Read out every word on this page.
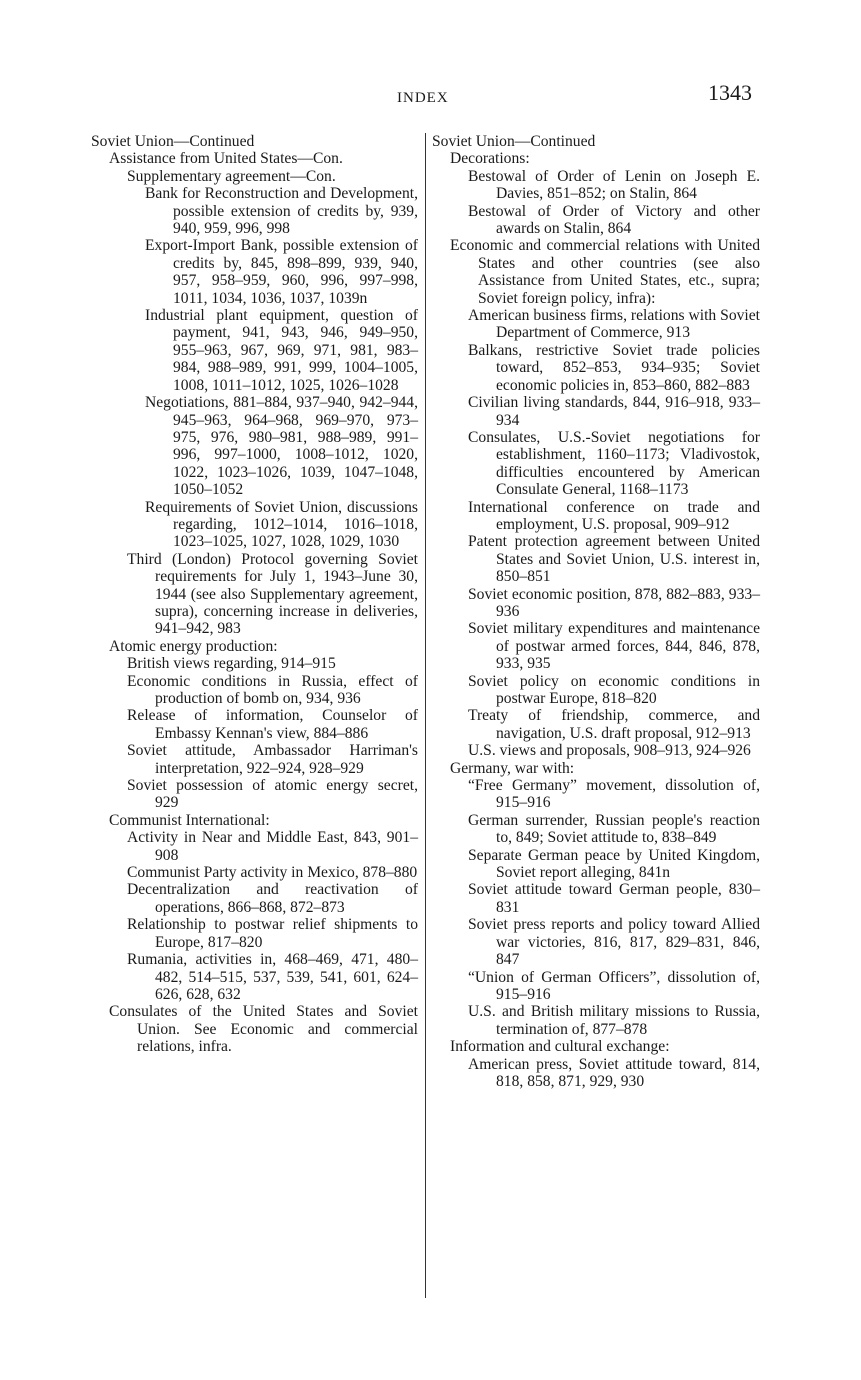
INDEX	1343
Soviet Union—Continued
Assistance from United States—Con.
Supplementary agreement—Con.
Bank for Reconstruction and Development, possible extension of credits by, 939, 940, 959, 996, 998
Export-Import Bank, possible extension of credits by, 845, 898–899, 939, 940, 957, 958–959, 960, 996, 997–998, 1011, 1034, 1036, 1037, 1039n
Industrial plant equipment, question of payment, 941, 943, 946, 949–950, 955–963, 967, 969, 971, 981, 983–984, 988–989, 991, 999, 1004–1005, 1008, 1011–1012, 1025, 1026–1028
Negotiations, 881–884, 937–940, 942–944, 945–963, 964–968, 969–970, 973–975, 976, 980–981, 988–989, 991–996, 997–1000, 1008–1012, 1020, 1022, 1023–1026, 1039, 1047–1048, 1050–1052
Requirements of Soviet Union, discussions regarding, 1012–1014, 1016–1018, 1023–1025, 1027, 1028, 1029, 1030
Third (London) Protocol governing Soviet requirements for July 1, 1943–June 30, 1944 (see also Supplementary agreement, supra), concerning increase in deliveries, 941–942, 983
Atomic energy production:
British views regarding, 914–915
Economic conditions in Russia, effect of production of bomb on, 934, 936
Release of information, Counselor of Embassy Kennan's view, 884–886
Soviet attitude, Ambassador Harriman's interpretation, 922–924, 928–929
Soviet possession of atomic energy secret, 929
Communist International:
Activity in Near and Middle East, 843, 901–908
Communist Party activity in Mexico, 878–880
Decentralization and reactivation of operations, 866–868, 872–873
Relationship to postwar relief shipments to Europe, 817–820
Rumania, activities in, 468–469, 471, 480–482, 514–515, 537, 539, 541, 601, 624–626, 628, 632
Consulates of the United States and Soviet Union. See Economic and commercial relations, infra.
Soviet Union—Continued
Decorations:
Bestowal of Order of Lenin on Joseph E. Davies, 851–852; on Stalin, 864
Bestowal of Order of Victory and other awards on Stalin, 864
Economic and commercial relations with United States and other countries (see also Assistance from United States, etc., supra; Soviet foreign policy, infra):
American business firms, relations with Soviet Department of Commerce, 913
Balkans, restrictive Soviet trade policies toward, 852–853, 934–935; Soviet economic policies in, 853–860, 882–883
Civilian living standards, 844, 916–918, 933–934
Consulates, U.S.-Soviet negotiations for establishment, 1160–1173; Vladivostok, difficulties encountered by American Consulate General, 1168–1173
International conference on trade and employment, U.S. proposal, 909–912
Patent protection agreement between United States and Soviet Union, U.S. interest in, 850–851
Soviet economic position, 878, 882–883, 933–936
Soviet military expenditures and maintenance of postwar armed forces, 844, 846, 878, 933, 935
Soviet policy on economic conditions in postwar Europe, 818–820
Treaty of friendship, commerce, and navigation, U.S. draft proposal, 912–913
U.S. views and proposals, 908–913, 924–926
Germany, war with:
“Free Germany” movement, dissolution of, 915–916
German surrender, Russian people's reaction to, 849; Soviet attitude to, 838–849
Separate German peace by United Kingdom, Soviet report alleging, 841n
Soviet attitude toward German people, 830–831
Soviet press reports and policy toward Allied war victories, 816, 817, 829–831, 846, 847
“Union of German Officers”, dissolution of, 915–916
U.S. and British military missions to Russia, termination of, 877–878
Information and cultural exchange:
American press, Soviet attitude toward, 814, 818, 858, 871, 929, 930
